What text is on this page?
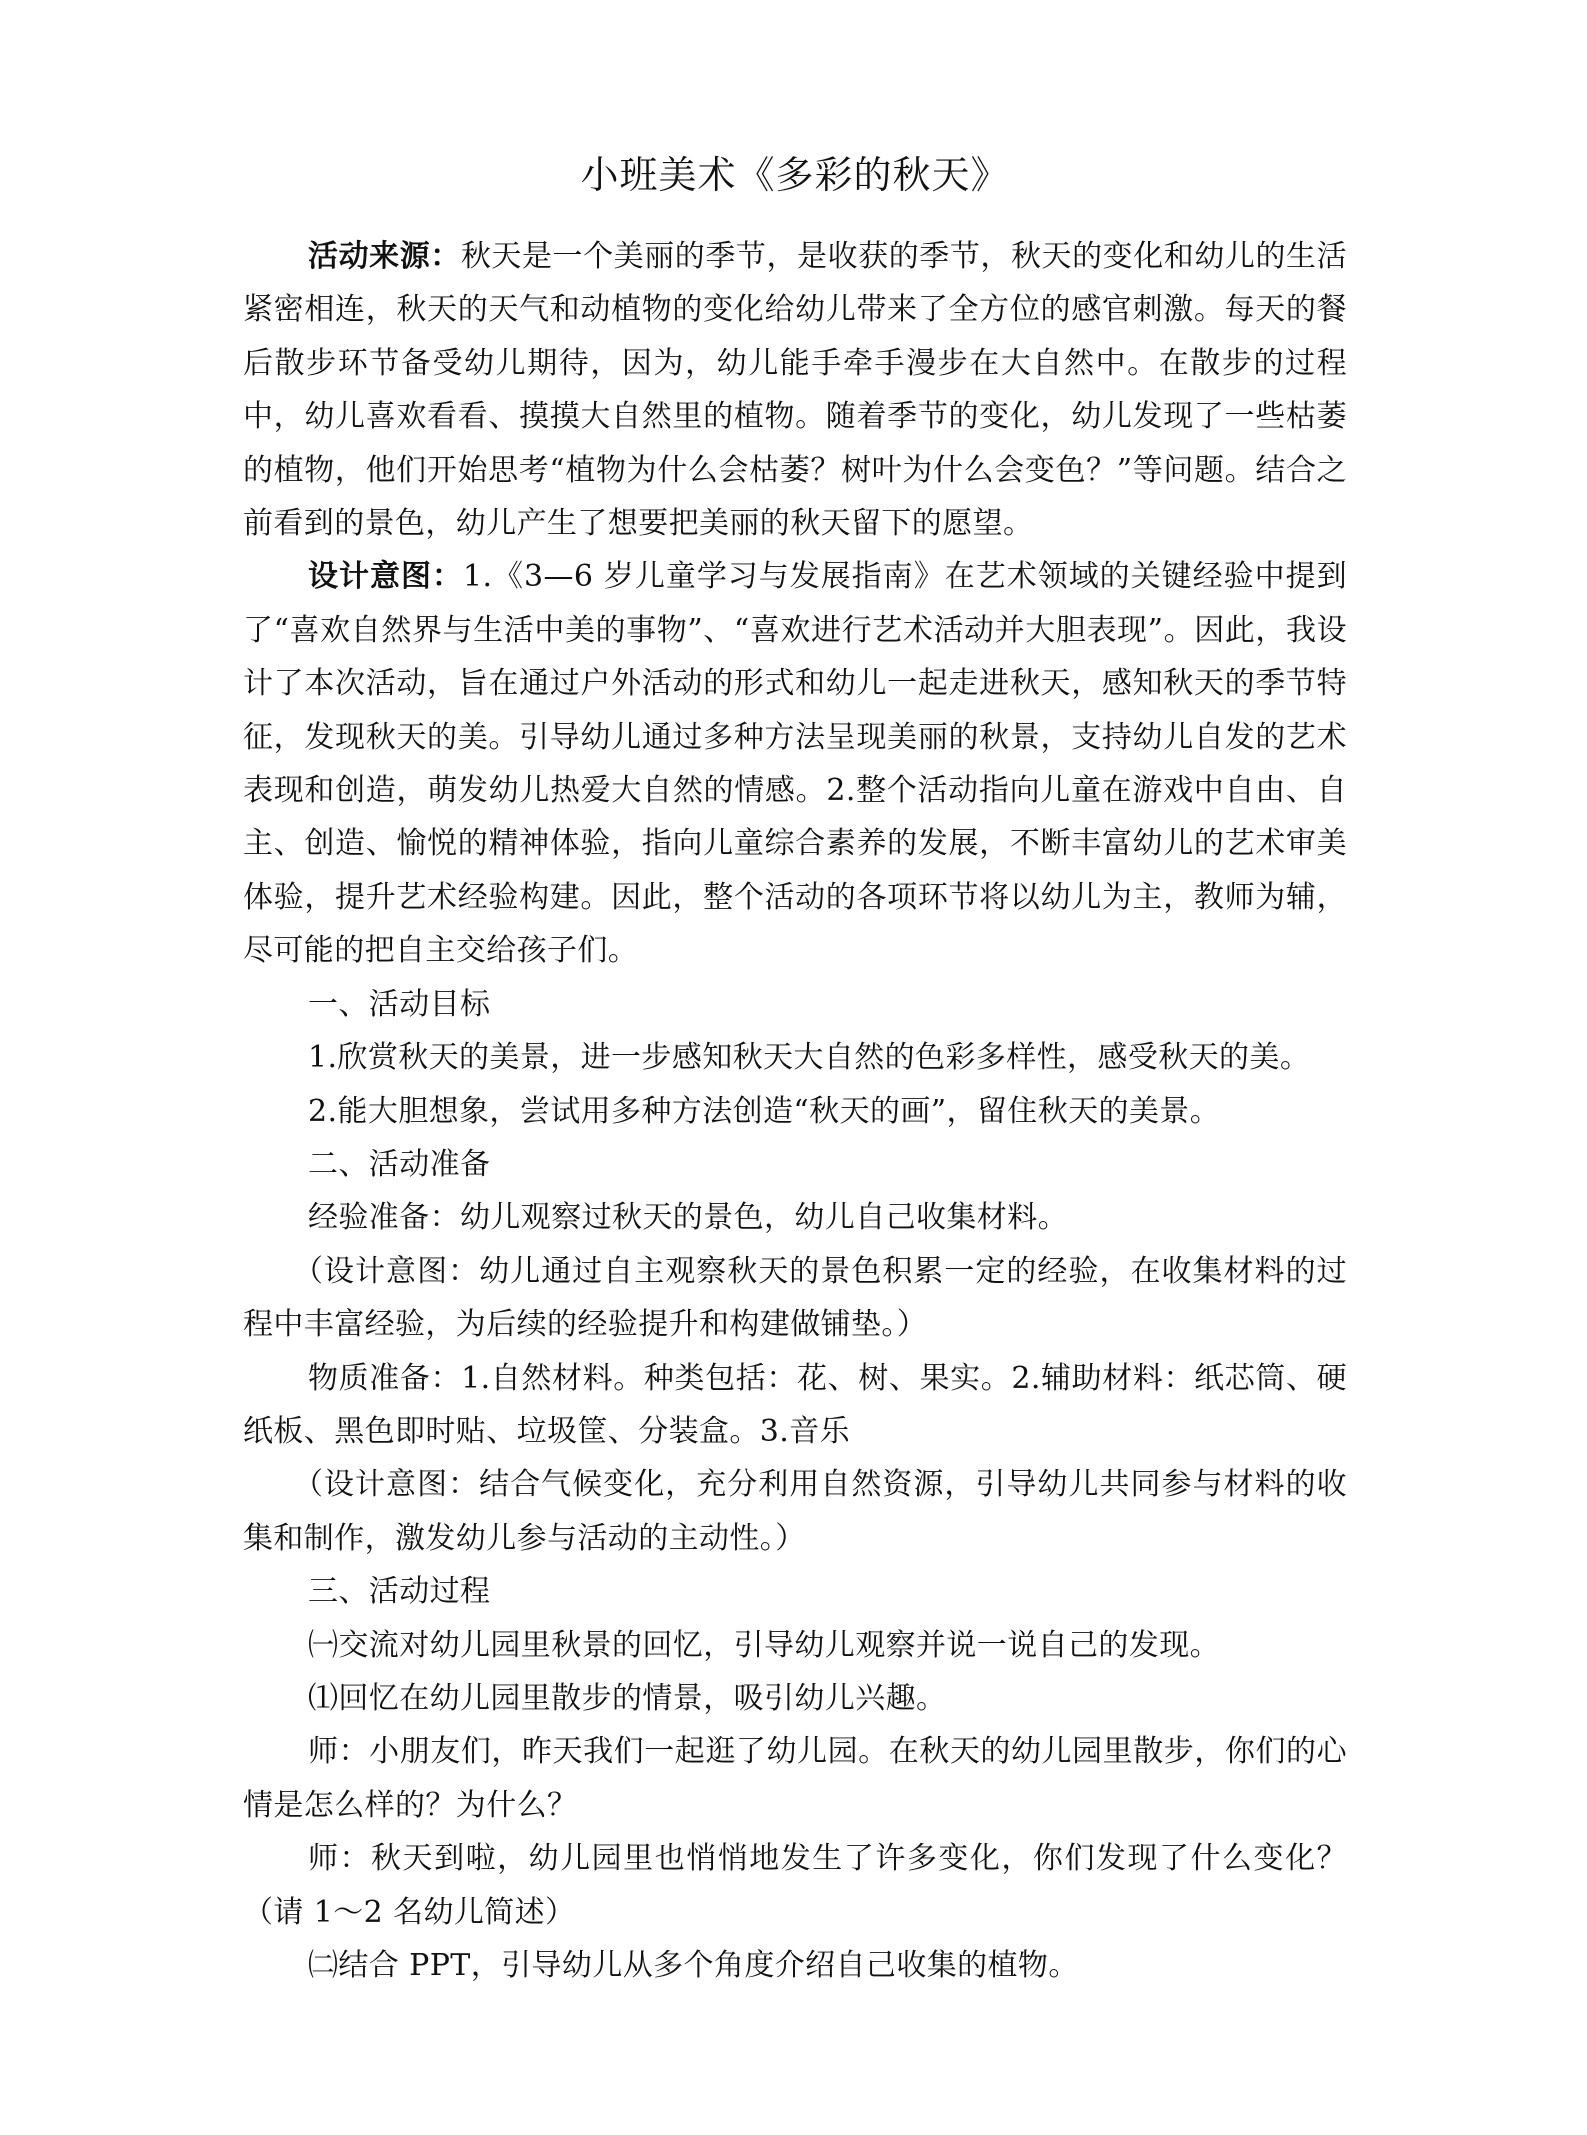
小班美术《多彩的秋天》

活动来源：秋天是一个美丽的季节，是收获的季节，秋天的变化和幼儿的生活紧密相连，秋天的天气和动植物的变化给幼儿带来了全方位的感官刺激。每天的餐后散步环节备受幼儿期待，因为，幼儿能手牵手漫步在大自然中。在散步的过程中，幼儿喜欢看看、摸摸大自然里的植物。随着季节的变化，幼儿发现了一些枯萎的植物，他们开始思考“植物为什么会枯萎？树叶为什么会变色？”等问题。结合之前看到的景色，幼儿产生了想要把美丽的秋天留下的愿望。

设计意图：1.《3—6 岁儿童学习与发展指南》在艺术领域的关键经验中提到了“喜欢自然界与生活中美的事物”、“喜欢进行艺术活动并大胆表现”。因此，我设计了本次活动，旨在通过户外活动的形式和幼儿一起走进秋天，感知秋天的季节特征，发现秋天的美。引导幼儿通过多种方法呈现美丽的秋景，支持幼儿自发的艺术表现和创造，萌发幼儿热爱大自然的情感。2.整个活动指向儿童在游戏中自由、自主、创造、愉悦的精神体验，指向儿童综合素养的发展，不断丰富幼儿的艺术审美体验，提升艺术经验构建。因此，整个活动的各项环节将以幼儿为主，教师为辅，尽可能的把自主交给孩子们。

一、活动目标

1.欣赏秋天的美景，进一步感知秋天大自然的色彩多样性，感受秋天的美。

2.能大胆想象，尝试用多种方法创造“秋天的画”，留住秋天的美景。

二、活动准备

经验准备：幼儿观察过秋天的景色，幼儿自己收集材料。

（设计意图：幼儿通过自主观察秋天的景色积累一定的经验，在收集材料的过程中丰富经验，为后续的经验提升和构建做铺垫。）

物质准备：1.自然材料。种类包括：花、树、果实。2.辅助材料：纸芯筒、硬纸板、黑色即时贴、垃圾筐、分装盒。3.音乐

（设计意图：结合气候变化，充分利用自然资源，引导幼儿共同参与材料的收集和制作，激发幼儿参与活动的主动性。）

三、活动过程

㈠交流对幼儿园里秋景的回忆，引导幼儿观察并说一说自己的发现。

⑴回忆在幼儿园里散步的情景，吸引幼儿兴趣。

师：小朋友们，昨天我们一起逛了幼儿园。在秋天的幼儿园里散步，你们的心情是怎么样的？为什么？

师：秋天到啦，幼儿园里也悄悄地发生了许多变化，你们发现了什么变化？（请 1～2 名幼儿简述）

㈡结合 PPT，引导幼儿从多个角度介绍自己收集的植物。
